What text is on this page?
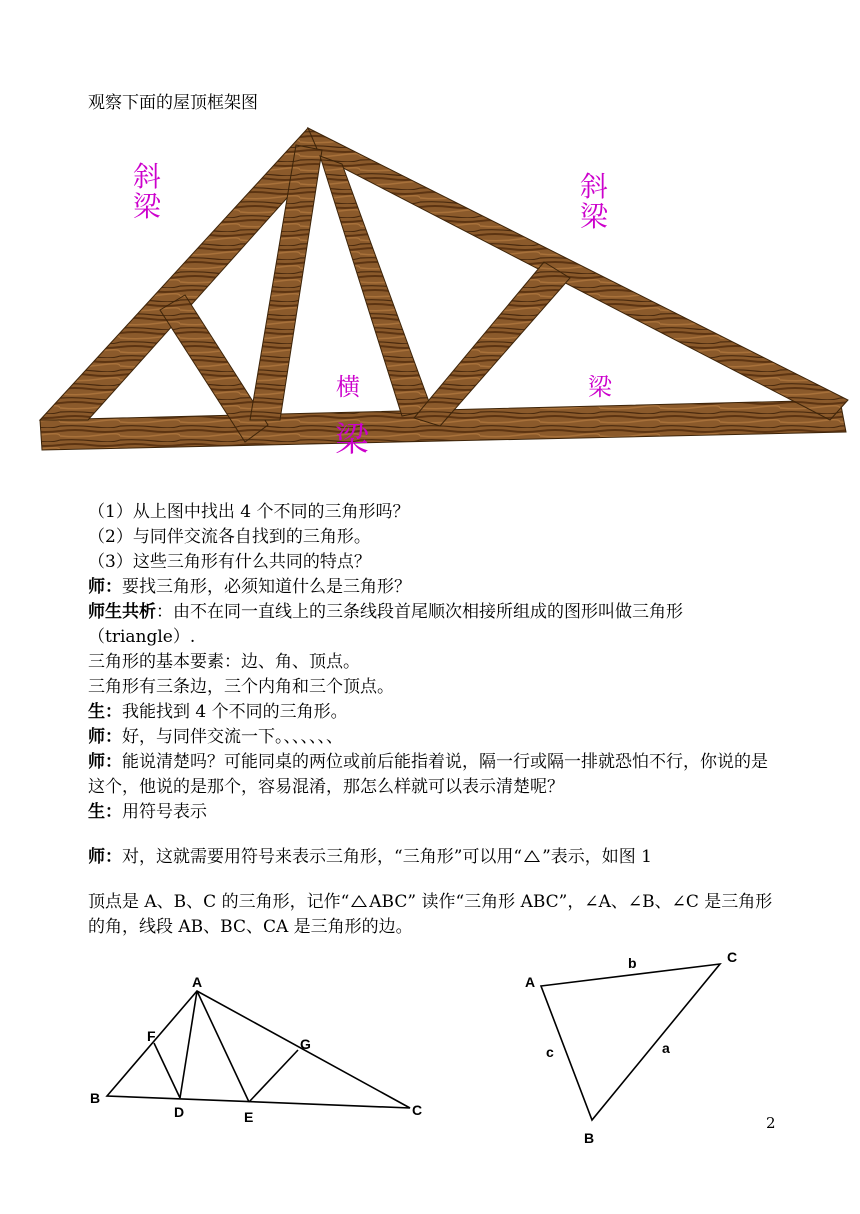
观察下面的屋顶框架图
斜
梁
斜
梁
横
梁
梁

（1）从上图中找出 4 个不同的三角形吗？

（2）与同伴交流各自找到的三角形。

（3）这些三角形有什么共同的特点？

师：要找三角形，必须知道什么是三角形？

师生共析：由不在同一直线上的三条线段首尾顺次相接所组成的图形叫做三角形（triangle）.

三角形的基本要素：边、角、顶点。

三角形有三条边，三个内角和三个顶点。

生：我能找到 4 个不同的三角形。

师：好，与同伴交流一下。、、、、、、

师：能说清楚吗？可能同桌的两位或前后能指着说，隔一行或隔一排就恐怕不行，你说的是这个，他说的是那个，容易混淆，那怎么样就可以表示清楚呢？

生：用符号表示

师：对，这就需要用符号来表示三角形，“三角形”可以用“ ”表示，如图 1

顶点是 A、B、C 的三角形，记作“ ABC” 读作“三角形 ABC”，∠A、∠B、∠C 是三角形的角，线段 AB、BC、CA 是三角形的边。

A
B
C
D	E
F	G
A
B
C
a
b
c
2
